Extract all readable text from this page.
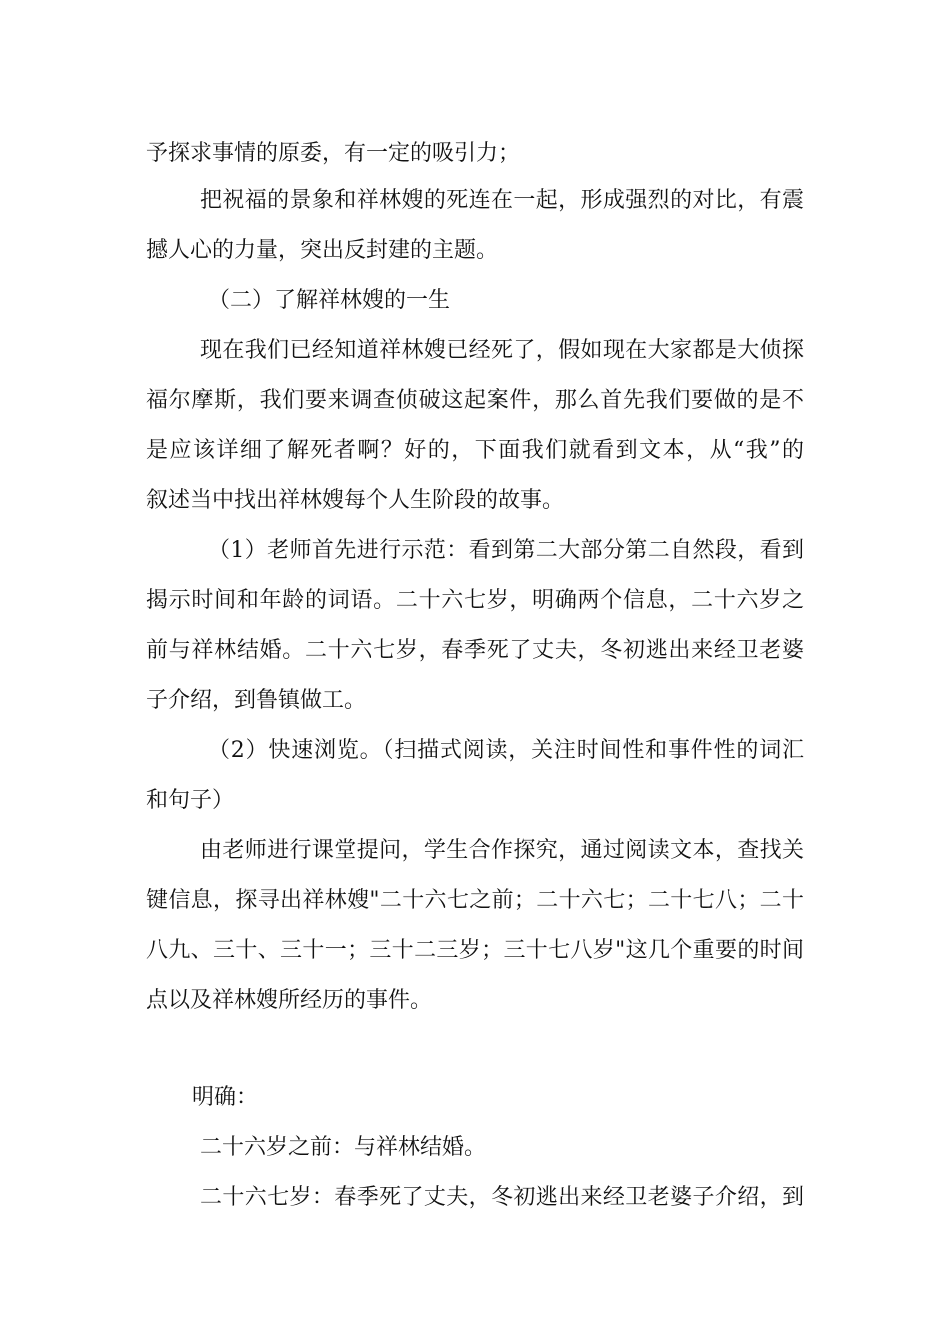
予探求事情的原委，有一定的吸引力；
把祝福的景象和祥林嫂的死连在一起，形成强烈的对比，有震
撼人心的力量，突出反封建的主题。
（二）了解祥林嫂的一生
现在我们已经知道祥林嫂已经死了，假如现在大家都是大侦探
福尔摩斯，我们要来调查侦破这起案件，那么首先我们要做的是不
是应该详细了解死者啊？好的，下面我们就看到文本，从“我”的
叙述当中找出祥林嫂每个人生阶段的故事。
（1）老师首先进行示范：看到第二大部分第二自然段，看到
揭示时间和年龄的词语。二十六七岁，明确两个信息，二十六岁之
前与祥林结婚。二十六七岁，春季死了丈夫，冬初逃出来经卫老婆
子介绍，到鲁镇做工。
（2）快速浏览。（扫描式阅读，关注时间性和事件性的词汇
和句子）
由老师进行课堂提问，学生合作探究，通过阅读文本，查找关
键信息，探寻出祥林嫂"二十六七之前；二十六七；二十七八；二十
八九、三十、三十一；三十二三岁；三十七八岁"这几个重要的时间
点以及祥林嫂所经历的事件。
明确：
二十六岁之前：与祥林结婚。
二十六七岁：春季死了丈夫，冬初逃出来经卫老婆子介绍，到
